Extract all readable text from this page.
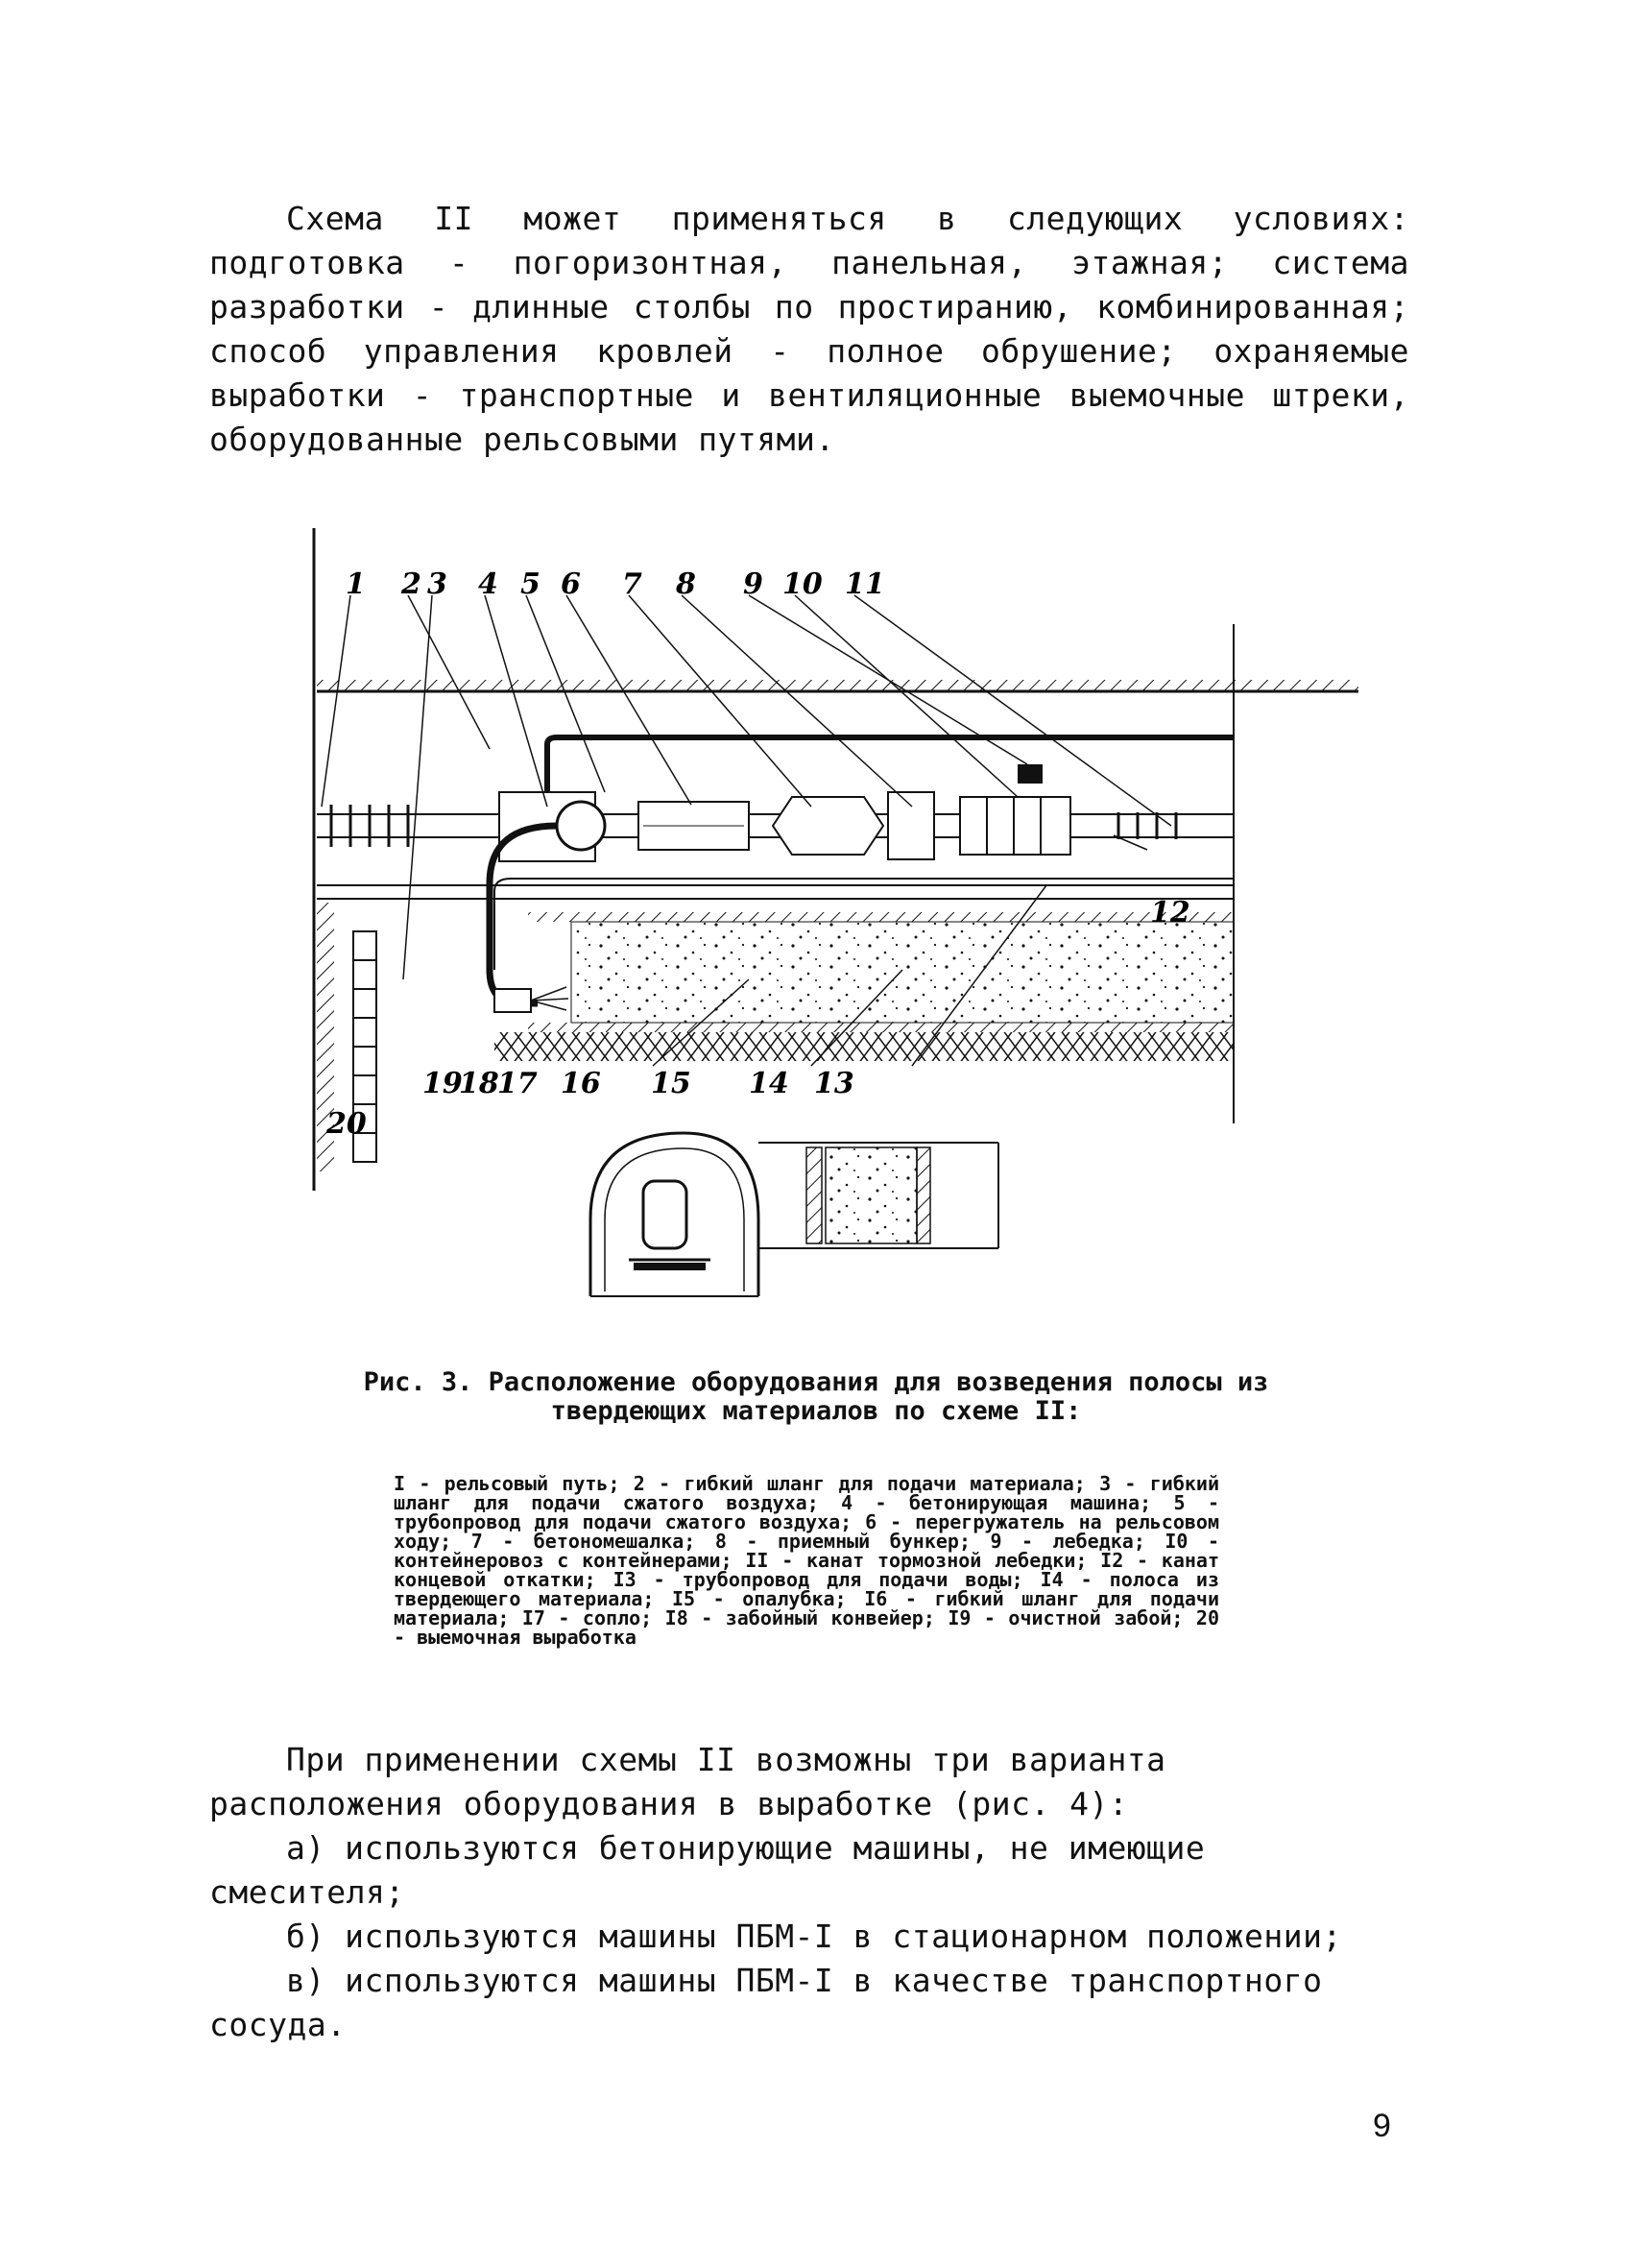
Схема II может применяться в следующих условиях: подготовка - погоризонтная, панельная, этажная; система разработки - длинные столбы по простиранию, комбинированная; способ управления кровлей - полное обрушение; охраняемые выработки - транспортные и вентиляционные выемочные штреки, оборудованные рельсовыми путями.

1 2 3 4 5 6 7 8 9 10 11
12
19
18
17 16 15 14 13
20
Рис. 3. Расположение оборудования для возведения полосы из твердеющих материалов по схеме II:
I - рельсовый путь; 2 - гибкий шланг для подачи материала; 3 - гибкий шланг для подачи сжатого воздуха; 4 - бетонирующая машина; 5 - трубопровод для подачи сжатого воздуха; 6 - перегружатель на рельсовом ходу; 7 - бетономешалка; 8 - приемный бункер; 9 - лебедка; I0 - контейнеровоз с контейнерами; II - канат тормозной лебедки; I2 - канат концевой откатки; I3 - трубопровод для подачи воды; I4 - полоса из твердеющего материала; I5 - опалубка; I6 - гибкий шланг для подачи материала; I7 - сопло; I8 - забойный конвейер; I9 - очистной забой; 20 - выемочная выработка

При применении схемы II возможны три варианта расположения оборудования в выработке (рис. 4):

а) используются бетонирующие машины, не имеющие смесителя;

б) используются машины ПБМ-I в стационарном положении;

в) используются машины ПБМ-I в качестве транспортного сосуда.

9
